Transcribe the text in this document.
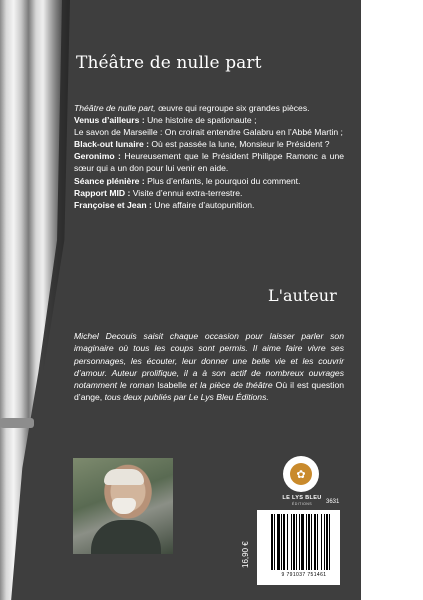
Théâtre de nulle part

Théâtre de nulle part, œuvre qui regroupe six grandes pièces.

Venus d’ailleurs : Une histoire de spationaute ;

Le savon de Marseille : On croirait entendre Galabru en l’Abbé Martin ;

Black-out lunaire : Où est passée la lune, Monsieur le Président ?

Geronimo : Heureusement que le Président Philippe Ramonc a une sœur qui a un don pour lui venir en aide.

Séance plénière : Plus d’enfants, le pourquoi du comment.

Rapport MID : Visite d’ennui extra-terrestre.

Françoise et Jean : Une affaire d’autopunition.

L'auteur
Michel Decouis saisit chaque occasion pour laisser parler son imaginaire où tous les coups sont permis. Il aime faire vivre ses personnages, les écouter, leur donner une belle vie et les couvrir d’amour. Auteur prolifique, il a à son actif de nombreux ouvrages notamment le roman Isabelle et la pièce de théâtre Où il est question d’ange, tous deux publiés par Le Lys Bleu Éditions.
✿
LE LYS BLEU
ÉDITIONS	3631
16,90 €
9 791037 751461
